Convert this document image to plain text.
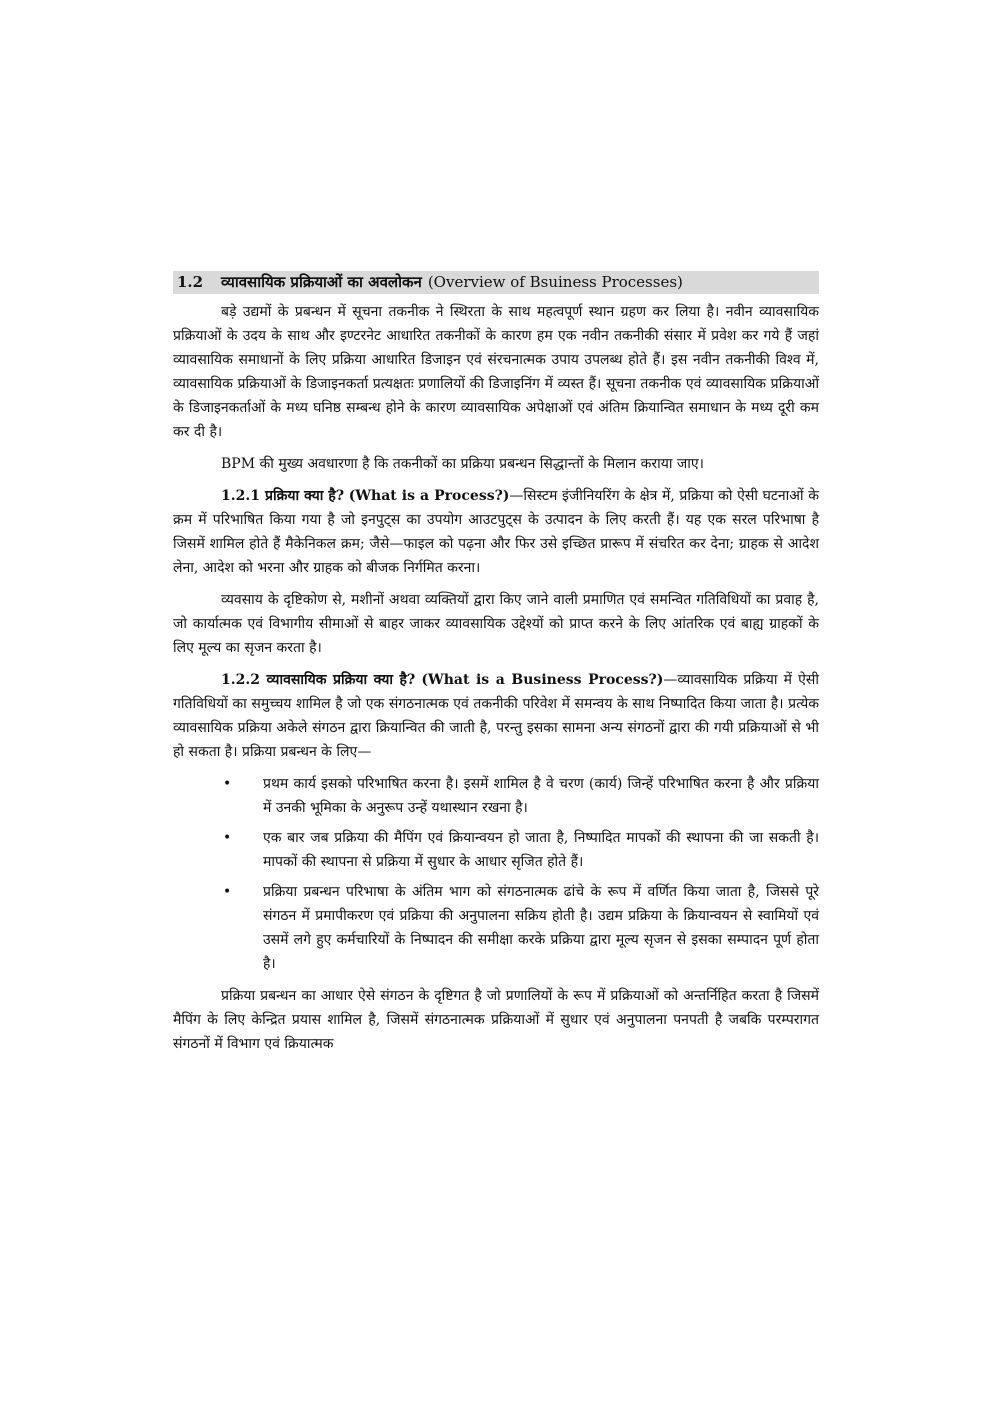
1.2	व्यावसायिक प्रक्रियाओं का अवलोकन (Overview of Bsuiness Processes)

बड़े उद्यमों के प्रबन्धन में सूचना तकनीक ने स्थिरता के साथ महत्वपूर्ण स्थान ग्रहण कर लिया है। नवीन व्यावसायिक प्रक्रियाओं के उदय के साथ और इण्टरनेट आधारित तकनीकों के कारण हम एक नवीन तकनीकी संसार में प्रवेश कर गये हैं जहां व्यावसायिक समाधानों के लिए प्रक्रिया आधारित डिजाइन एवं संरचनात्मक उपाय उपलब्ध होते हैं। इस नवीन तकनीकी विश्व में, व्यावसायिक प्रक्रियाओं के डिजाइनकर्ता प्रत्यक्षतः प्रणालियों की डिजाइनिंग में व्यस्त हैं। सूचना तकनीक एवं व्यावसायिक प्रक्रियाओं के डिजाइनकर्ताओं के मध्य घनिष्ठ सम्बन्ध होने के कारण व्यावसायिक अपेक्षाओं एवं अंतिम क्रियान्वित समाधान के मध्य दूरी कम कर दी है।

BPM की मुख्य अवधारणा है कि तकनीकों का प्रक्रिया प्रबन्धन सिद्धान्तों के मिलान कराया जाए।

1.2.1 प्रक्रिया क्या है? (What is a Process?)—सिस्टम इंजीनियरिंग के क्षेत्र में, प्रक्रिया को ऐसी घटनाओं के क्रम में परिभाषित किया गया है जो इनपुट्स का उपयोग आउटपुट्स के उत्पादन के लिए करती हैं। यह एक सरल परिभाषा है जिसमें शामिल होते हैं मैकेनिकल क्रम; जैसे—फाइल को पढ़ना और फिर उसे इच्छित प्रारूप में संचरित कर देना; ग्राहक से आदेश लेना, आदेश को भरना और ग्राहक को बीजक निर्गमित करना।

व्यवसाय के दृष्टिकोण से, मशीनों अथवा व्यक्तियों द्वारा किए जाने वाली प्रमाणित एवं समन्वित गतिविधियों का प्रवाह है, जो कार्यात्मक एवं विभागीय सीमाओं से बाहर जाकर व्यावसायिक उद्देश्यों को प्राप्त करने के लिए आंतरिक एवं बाह्य ग्राहकों के लिए मूल्य का सृजन करता है।

1.2.2 व्यावसायिक प्रक्रिया क्या है? (What is a Business Process?)—व्यावसायिक प्रक्रिया में ऐसी गतिविधियों का समुच्चय शामिल है जो एक संगठनात्मक एवं तकनीकी परिवेश में समन्वय के साथ निष्पादित किया जाता है। प्रत्येक व्यावसायिक प्रक्रिया अकेले संगठन द्वारा क्रियान्वित की जाती है, परन्तु इसका सामना अन्य संगठनों द्वारा की गयी प्रक्रियाओं से भी हो सकता है। प्रक्रिया प्रबन्धन के लिए—

• प्रथम कार्य इसको परिभाषित करना है। इसमें शामिल है वे चरण (कार्य) जिन्हें परिभाषित करना है और प्रक्रिया में उनकी भूमिका के अनुरूप उन्हें यथास्थान रखना है।
• एक बार जब प्रक्रिया की मैपिंग एवं क्रियान्वयन हो जाता है, निष्पादित मापकों की स्थापना की जा सकती है। मापकों की स्थापना से प्रक्रिया में सुधार के आधार सृजित होते हैं।
• प्रक्रिया प्रबन्धन परिभाषा के अंतिम भाग को संगठनात्मक ढांचे के रूप में वर्णित किया जाता है, जिससे पूरे संगठन में प्रमापीकरण एवं प्रक्रिया की अनुपालना सक्रिय होती है। उद्यम प्रक्रिया के क्रियान्वयन से स्वामियों एवं उसमें लगे हुए कर्मचारियों के निष्पादन की समीक्षा करके प्रक्रिया द्वारा मूल्य सृजन से इसका सम्पादन पूर्ण होता है।

प्रक्रिया प्रबन्धन का आधार ऐसे संगठन के दृष्टिगत है जो प्रणालियों के रूप में प्रक्रियाओं को अन्तर्निहित करता है जिसमें मैपिंग के लिए केन्द्रित प्रयास शामिल है, जिसमें संगठनात्मक प्रक्रियाओं में सुधार एवं अनुपालना पनपती है जबकि परम्परागत संगठनों में विभाग एवं क्रियात्मक
